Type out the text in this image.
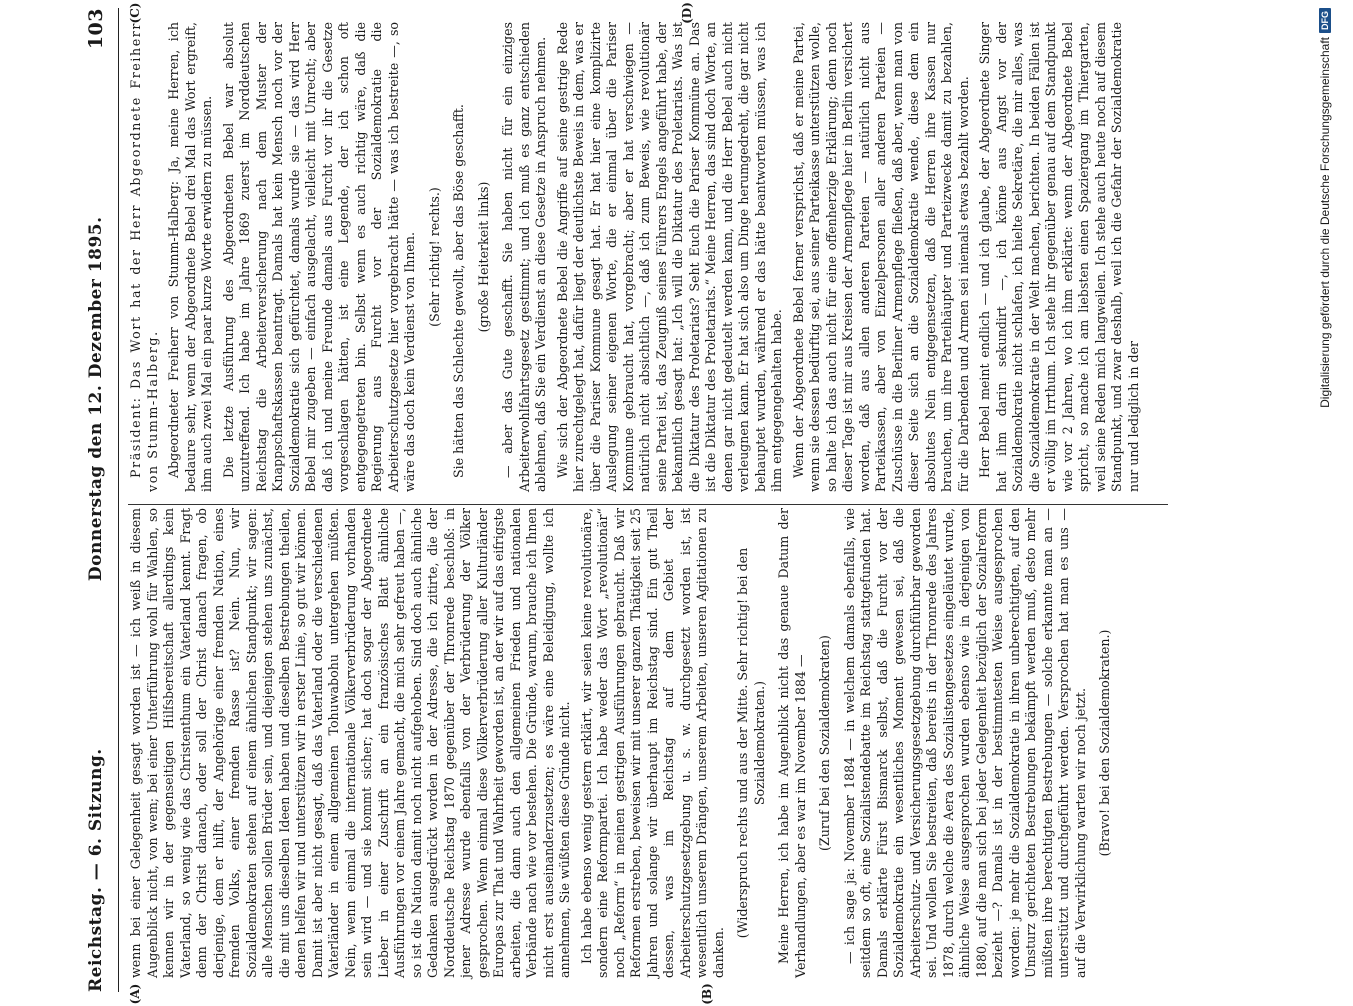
Reichstag. — 6. Sitzung.
Donnerstag den 12. Dezember 1895.
103
(A)	(B)
(C)	(D)

wenn bei einer Gelegenheit gesagt worden ist — ich weiß in diesem Augenblick nicht, von wem; bei einer Unterführung wohl für Wahlen, so kennen wir in der gegenseitigen Hilfsbereitschaft allerdings kein Vaterland, so wenig wie das Christenthum ein Vaterland kennt. Fragt denn der Christ danach, oder soll der Christ danach fragen, ob derjenige, dem er hilft, der Angehörige einer fremden Nation, eines fremden Volks, einer fremden Rasse ist? Nein. Nun, wir Sozialdemokraten stehen auf einem ähnlichen Standpunkt; wir sagen: alle Menschen sollen Brüder sein, und diejenigen stehen uns zunächst, die mit uns dieselben Ideen haben und dieselben Bestrebungen theilen, denen helfen wir und unterstützen wir in erster Linie, so gut wir können. Damit ist aber nicht gesagt, daß das Vaterland oder die verschiedenen Vaterländer in einem allgemeinen Tohuwabohu untergehen müßten. Nein, wenn einmal die internationale Völkerverbrüderung vorhanden sein wird — und sie kommt sicher; hat doch sogar der Abgeordnete Lieber in einer Zuschrift an ein französisches Blatt ähnliche Ausführungen vor einem Jahre gemacht, die mich sehr gefreut haben —, so ist die Nation damit noch nicht aufgehoben. Sind doch auch ähnliche Gedanken ausgedrückt worden in der Adresse, die ich zitirte, die der Norddeutsche Reichstag 1870 gegenüber der Thronrede beschloß: in jener Adresse wurde ebenfalls von der Verbrüderung der Völker gesprochen. Wenn einmal diese Völkerverbrüderung aller Kulturländer Europas zur That und Wahrheit geworden ist, an der wir auf das eifrigste arbeiten, die dann auch den allgemeinen Frieden und nationalen Verbände nach wie vor bestehen. Die Gründe, warum, brauche ich Ihnen nicht erst auseinanderzusetzen; es wäre eine Beleidigung, wollte ich annehmen, Sie wüßten diese Gründe nicht. Ich habe ebenso wenig gestern erklärt, wir seien keine revolutionäre, sondern eine Reformpartei. Ich habe weder das Wort „revolutionär“ noch „Reform“ in meinen gestrigen Ausführungen gebraucht. Daß wir Reformen erstreben, beweisen wir mit unserer ganzen Thätigkeit seit 25 Jahren und solange wir überhaupt im Reichstag sind. Ein gut Theil dessen, was im Reichstag auf dem Gebiet der Arbeiterschutzgesetzgebung u. s. w. durchgesetzt worden ist, ist wesentlich unserem Drängen, unserem Arbeiten, unseren Agitationen zu danken.

(Widerspruch rechts und aus der Mitte. Sehr richtig! bei den Sozialdemokraten.) Meine Herren, ich habe im Augenblick nicht das genaue Datum der Verhandlungen, aber es war im November 1884 — (Zuruf bei den Sozialdemokraten) — ich sage ja: November 1884 — in welchem damals ebenfalls, wie seitdem so oft, eine Sozialistendebatte im Reichstag stattgefunden hat. Damals erklärte Fürst Bismarck selbst, daß die Furcht vor der Sozialdemokratie ein wesentliches Moment gewesen sei, daß die Arbeiterschutz- und Versicherungsgesetzgebung durchführbar geworden sei. Und wollen Sie bestreiten, daß bereits in der Thronrede des Jahres 1878, durch welche die Aera des Sozialistengesetzes eingeläutet wurde, ähnliche Weise ausgesprochen wurden ebenso wie in derjenigen von 1880, auf die man sich bei jeder Gelegenheit bezüglich der Sozialreform bezieht —? Damals ist in der bestimmtesten Weise ausgesprochen worden: je mehr die Sozialdemokratie in ihren unberechtigten, auf den Umsturz gerichteten Bestrebungen bekämpft werden muß, desto mehr müßten ihre berechtigten Bestrebungen — solche erkannte man an — unterstützt und durchgeführt werden. Versprochen hat man es uns — auf die Verwirklichung warten wir noch jetzt. (Bravo! bei den Sozialdemokraten.)

Präsident: Das Wort hat der Herr Abgeordnete Freiherr von Stumm-Halberg. Abgeordneter Freiherr von Stumm-Halberg: Ja, meine Herren, ich bedaure sehr, wenn der Abgeordnete Bebel drei Mal das Wort ergreift, ihm auch zwei Mal ein paar kurze Worte erwidern zu müssen. Die letzte Ausführung des Abgeordneten Bebel war absolut unzutreffend. Ich habe im Jahre 1869 zuerst im Norddeutschen Reichstag die Arbeiterversicherung nach dem Muster der Knappschaftskassen beantragt. Damals hat kein Mensch noch vor der Sozialdemokratie sich gefürchtet, damals wurde sie — das wird Herr Bebel mir zugeben — einfach ausgelacht, vielleicht mit Unrecht; aber daß ich und meine Freunde damals aus Furcht vor ihr die Gesetze vorgeschlagen hätten, ist eine Legende, der ich schon oft entgegengetreten bin. Selbst wenn es auch richtig wäre, daß die Regierung aus Furcht vor der Sozialdemokratie die Arbeiterschutzgesetze hier vorgebracht hätte — was ich bestreite —, so wäre das doch kein Verdienst von Ihnen. (Sehr richtig! rechts.) Sie hätten das Schlechte gewollt, aber das Böse geschafft. (große Heiterkeit links) — aber das Gute geschafft. Sie haben nicht für ein einziges Arbeiterwohlfahrtsgesetz gestimmt; und ich muß es ganz entschieden ablehnen, daß Sie ein Verdienst an diese Gesetze in Anspruch nehmen. Wie sich der Abgeordnete Bebel die Angriffe auf seine gestrige Rede hier zurechtgelegt hat, dafür liegt der deutlichste Beweis in dem, was er über die Pariser Kommune gesagt hat. Er hat hier eine komplizirte Auslegung seiner eigenen Worte, die er einmal über die Pariser Kommune gebraucht hat, vorgebracht; aber er hat verschwiegen — natürlich nicht absichtlich —, daß ich zum Beweis, wie revolutionär seine Partei ist, das Zeugniß seines Führers Engels angeführt habe, der bekanntlich gesagt hat: „Ich will die Diktatur des Proletariats. Was ist die Diktatur des Proletariats? Seht Euch die Pariser Kommüne an. Das ist die Diktatur des Proletariats.“ Meine Herren, das sind doch Worte, an denen gar nicht gedeutelt werden kann, und die Herr Bebel auch nicht verleugnen kann. Er hat sich also um Dinge herumgedreht, die gar nicht behauptet wurden, während er das hätte beantworten müssen, was ich ihm entgegengehalten habe. Wenn der Abgeordnete Bebel ferner versprichst, daß er meine Partei, wenn sie dessen bedürftig sei, aus seiner Parteikasse unterstützen wolle, so halte ich das auch nicht für eine offenherzige Erklärung; denn noch dieser Tage ist mir aus Kreisen der Armenpflege hier in Berlin versichert worden, daß aus allen anderen Parteien — natürlich nicht aus Parteikassen, aber von Einzelpersonen aller anderen Parteien — Zuschüsse in die Berliner Armenpflege fließen, daß aber, wenn man von dieser Seite sich an die Sozialdemokratie wende, diese dem ein absolutes Nein entgegensetzen, daß die Herren ihre Kassen nur brauchen, um ihre Parteihäupter und Parteizwecke damit zu bezahlen, für die Darbenden und Armen sei niemals etwas bezahlt worden. Herr Bebel meint endlich — und ich glaube, der Abgeordnete Singer hat ihm darin sekundirt —, ich könne aus Angst vor der Sozialdemokratie nicht schlafen, ich hielte Sekretäre, die mir alles, was die Sozialdemokratie in der Welt machen, berichten. In beiden Fällen ist er völlig im Irrthum. Ich stehe ihr gegenüber genau auf dem Standpunkt wie vor 2 Jahren, wo ich ihm erklärte: wenn der Abgeordnete Bebel spricht, so mache ich am liebsten einen Spaziergang im Thiergarten, weil seine Reden mich langweilen. Ich stehe auch heute noch auf diesem Standpunkt, und zwar deshalb, weil ich die Gefahr der Sozialdemokratie nur und lediglich in der

Digitalisierung gefördert durch die Deutsche Forschungsgemeinschaft
DFG
